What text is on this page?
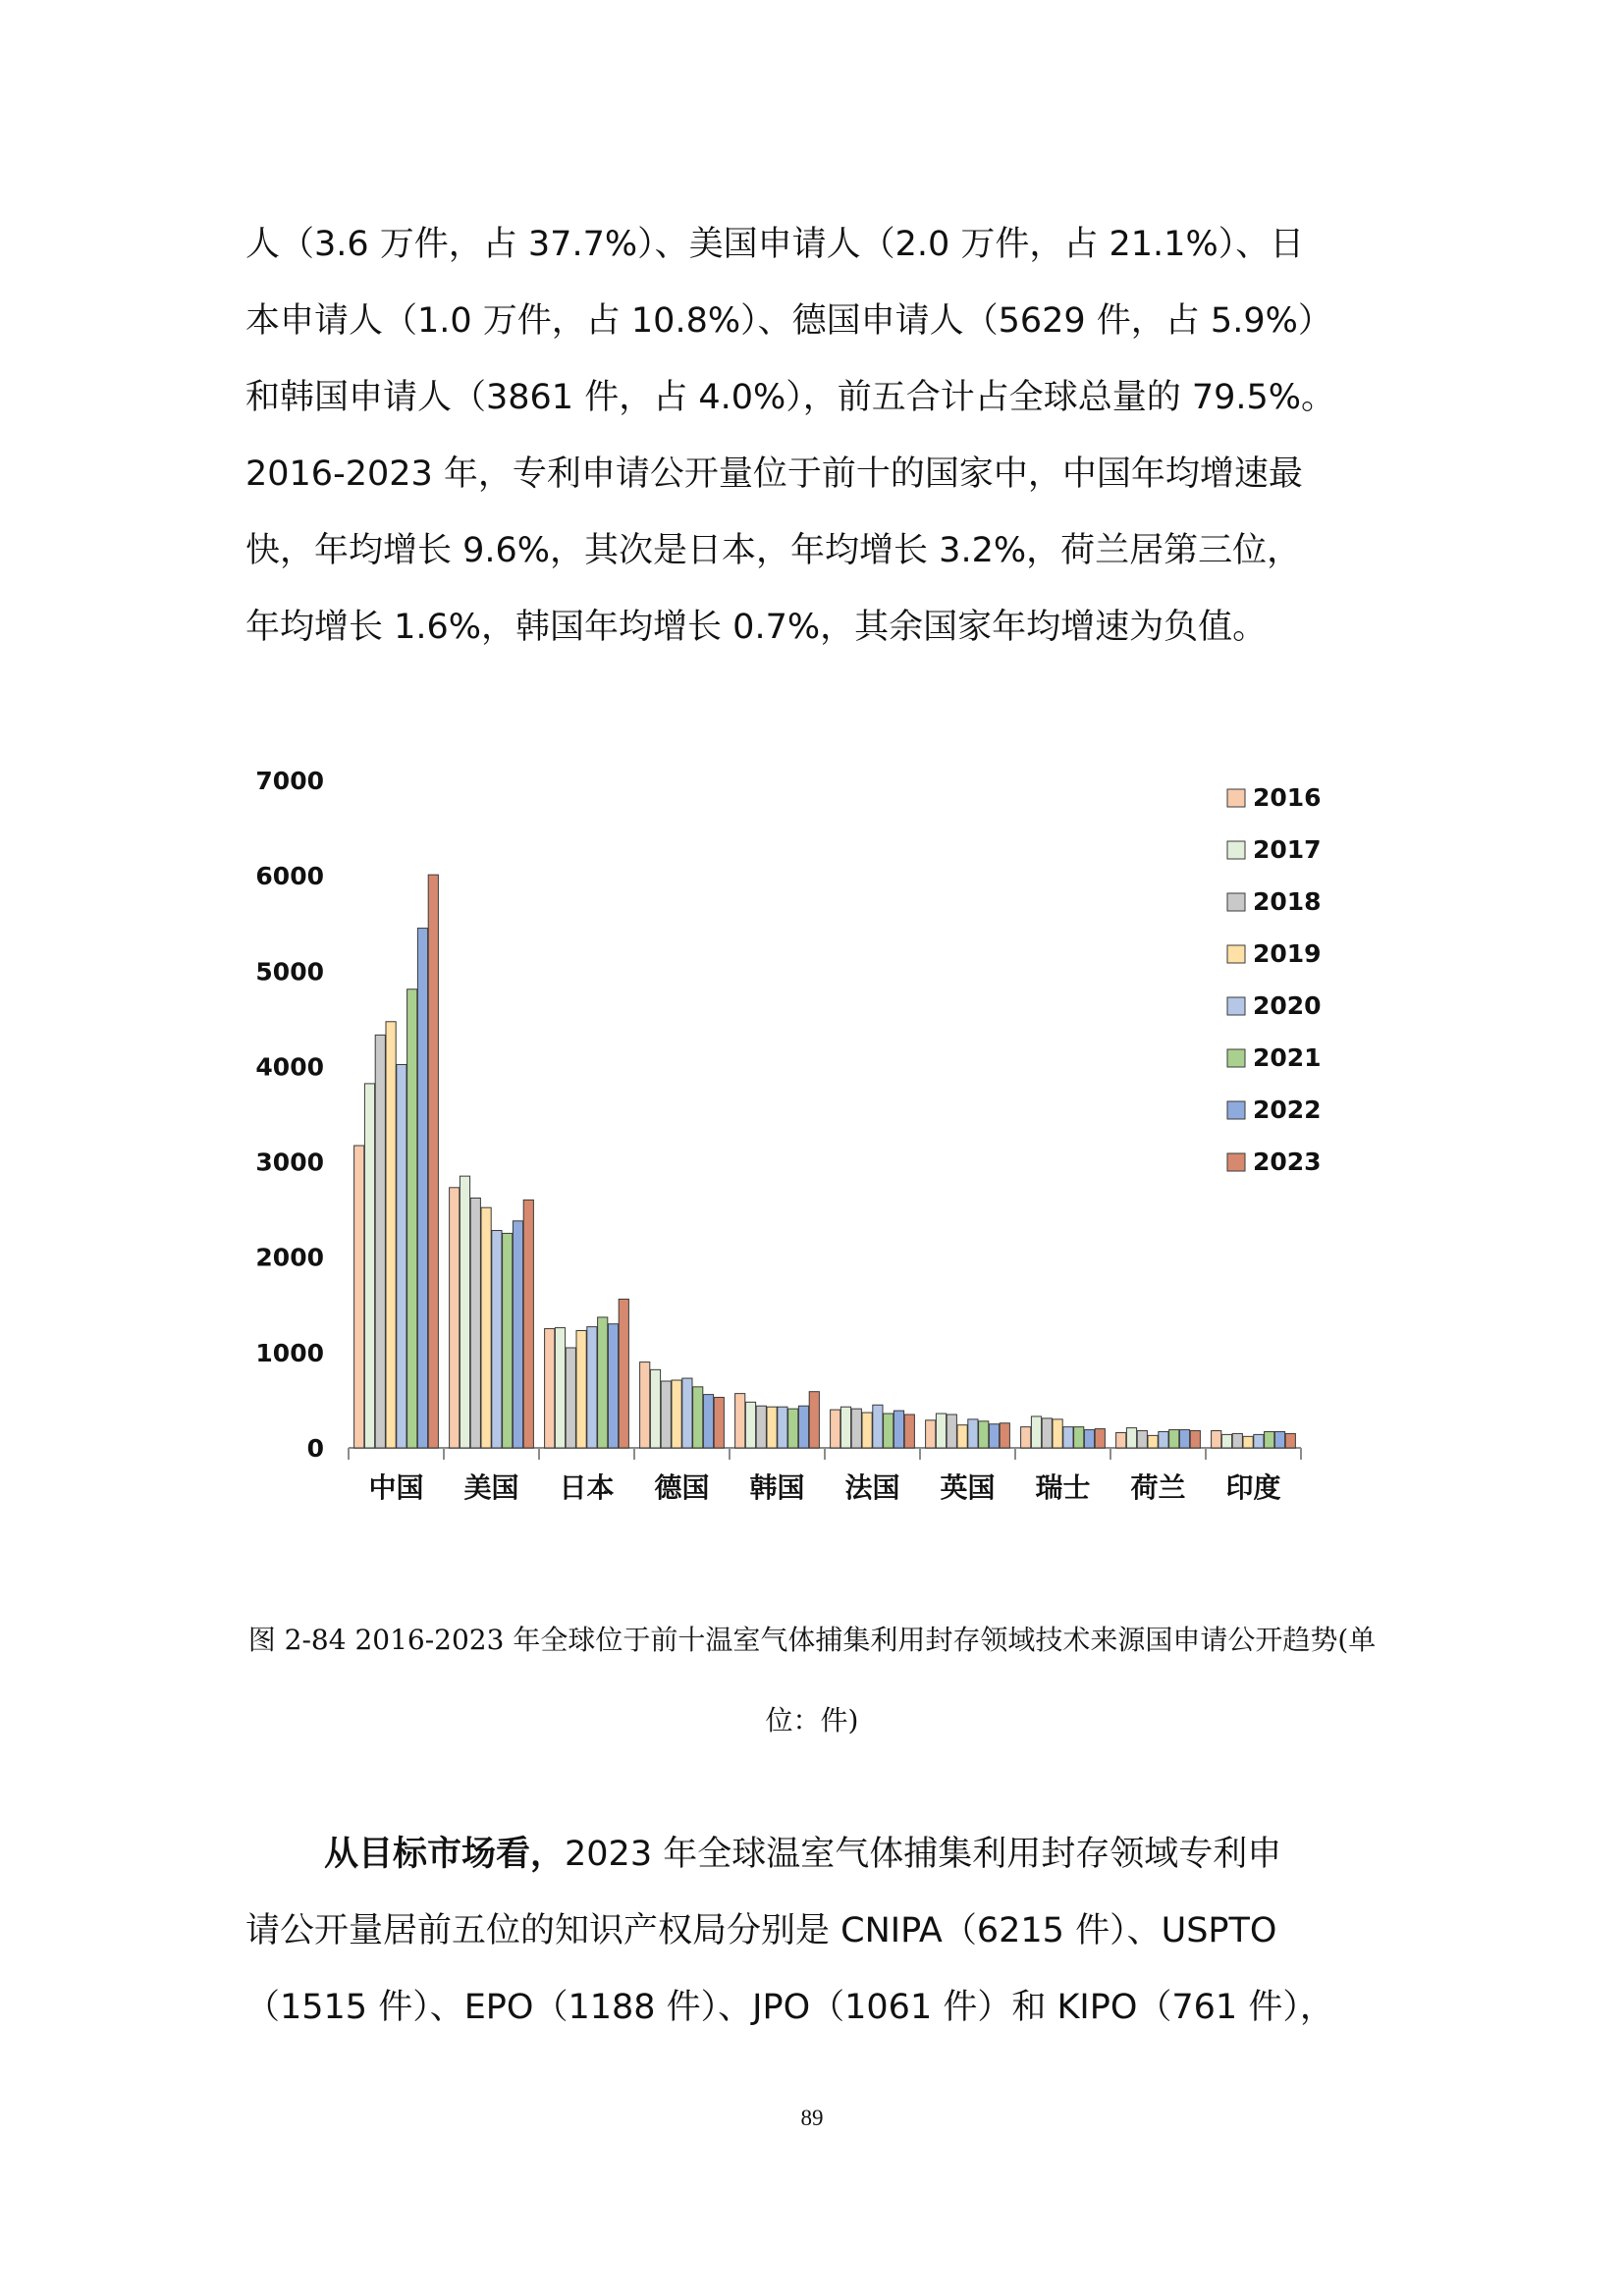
人（3.6 万件，占 37.7%）、美国申请人（2.0 万件，占 21.1%）、日

本申请人（1.0 万件，占 10.8%）、德国申请人（5629 件，占 5.9%）

和韩国申请人（3861 件，占 4.0%），前五合计占全球总量的 79.5%。

2016-2023 年，专利申请公开量位于前十的国家中，中国年均增速最

快，年均增长 9.6%，其次是日本，年均增长 3.2%，荷兰居第三位，

年均增长 1.6%，韩国年均增长 0.7%，其余国家年均增速为负值。

0
1000
2000
3000
4000
5000
6000
7000
中国 美国 日本 德国 韩国 法国 英国 瑞士 荷兰 印度
2016
2017
2018
2019
2020
2021
2022
2023
图 2-84 2016-2023 年全球位于前十温室气体捕集利用封存领域技术来源国申请公开趋势(单
位：件)

从目标市场看，2023 年全球温室气体捕集利用封存领域专利申

请公开量居前五位的知识产权局分别是 CNIPA（6215 件）、USPTO

（1515 件）、EPO（1188 件）、JPO（1061 件）和 KIPO（761 件），

89
